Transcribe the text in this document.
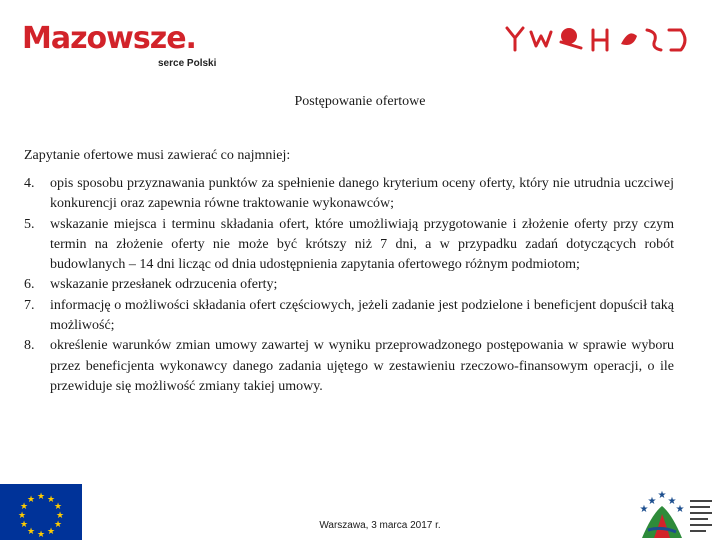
Mazowsze.
serce Polski
Postępowanie ofertowe
Zapytanie ofertowe musi zawierać co najmniej:
4. opis sposobu przyznawania punktów za spełnienie danego kryterium oceny oferty, który nie utrudnia uczciwej konkurencji oraz zapewnia równe traktowanie wykonawców;
5. wskazanie miejsca i terminu składania ofert, które umożliwiają przygotowanie i złożenie oferty przy czym termin na złożenie oferty nie może być krótszy niż 7 dni, a w przypadku zadań dotyczących robót budowlanych – 14 dni licząc od dnia udostępnienia zapytania ofertowego różnym podmiotom;
6. wskazanie przesłanek odrzucenia oferty;
7. informację o możliwości składania ofert częściowych, jeżeli zadanie jest podzielone i beneficjent dopuścił taką możliwość;
8. określenie warunków zmian umowy zawartej w wyniku przeprowadzonego postępowania w sprawie wyboru przez beneficjenta wykonawcy danego zadania ujętego w zestawieniu rzeczowo-finansowym operacji, o ile przewiduje się możliwość zmiany takiej umowy.
★ ★
★
★
★
★
★
★
★
★
★
★
Warszawa, 3 marca 2017 r.
★
★ ★
★	★
